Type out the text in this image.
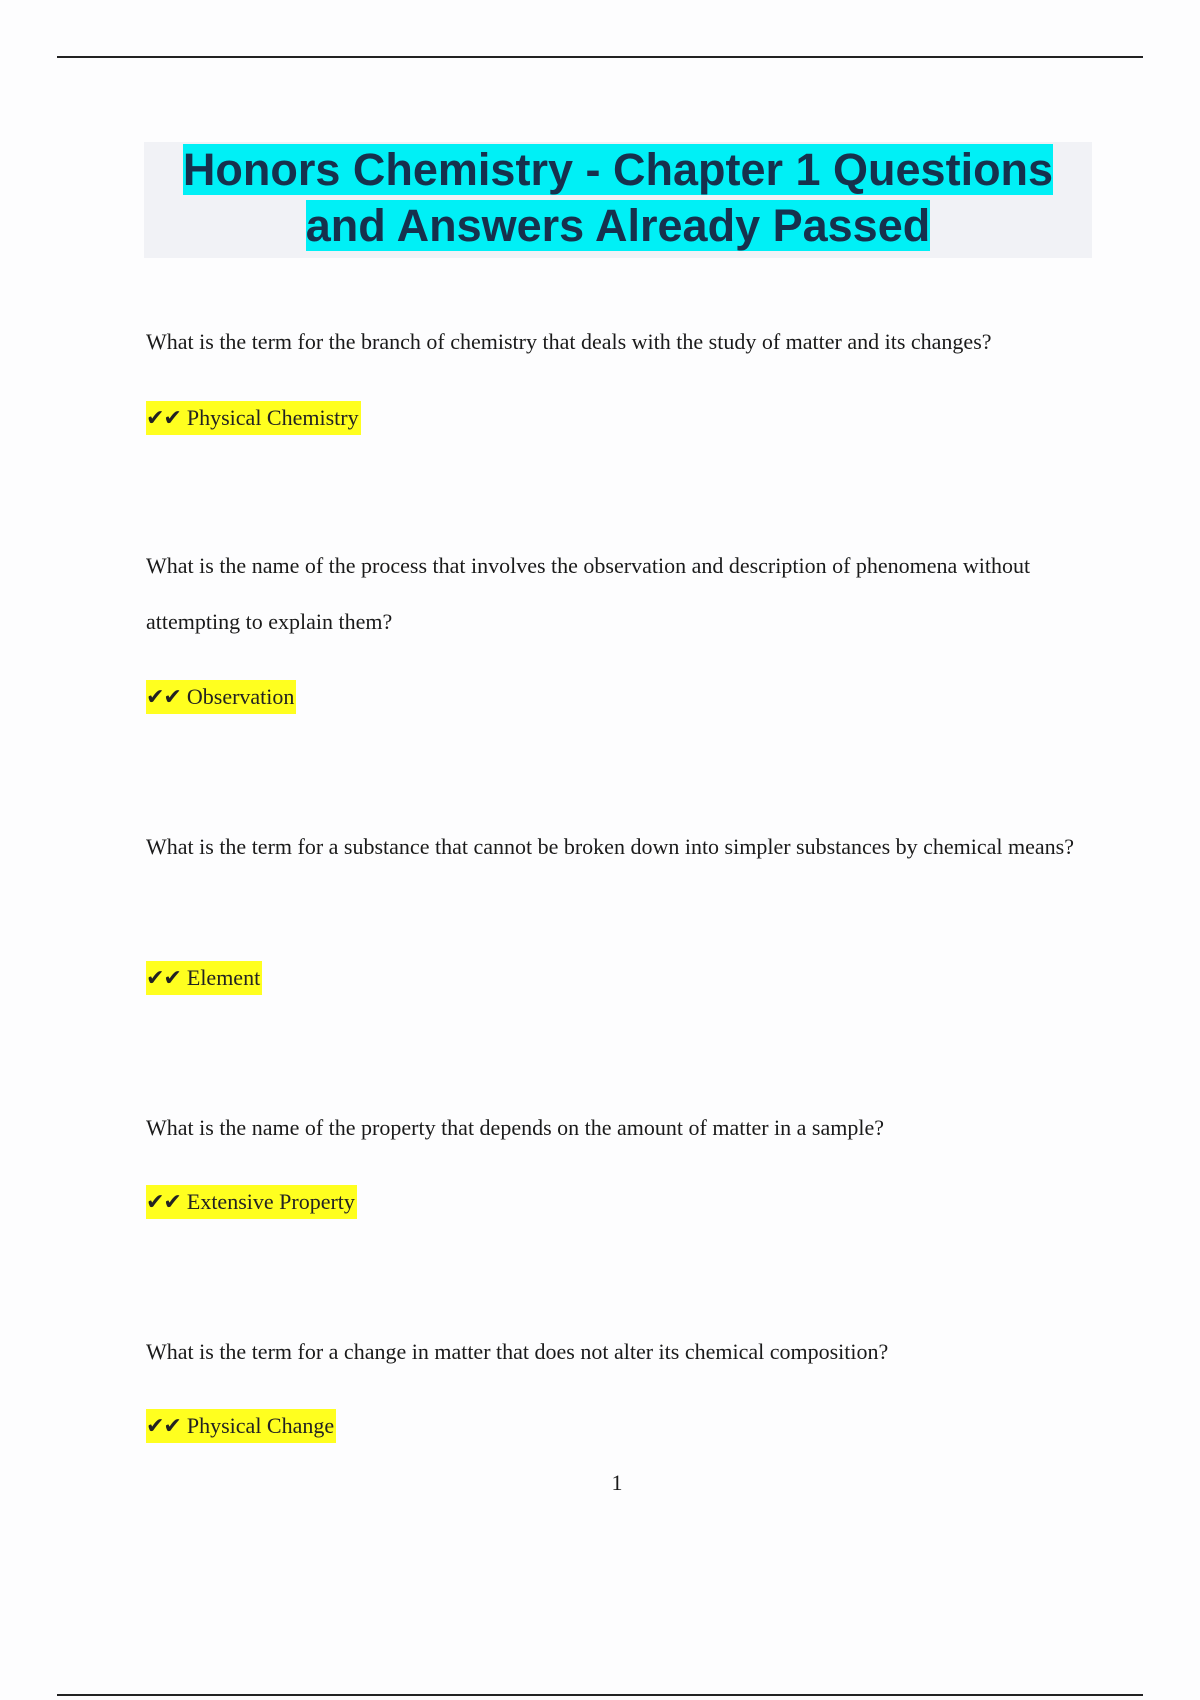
Honors Chemistry - Chapter 1 Questions
and Answers Already Passed
What is the term for the branch of chemistry that deals with the study of matter and its changes?
✔✔ Physical Chemistry
What is the name of the process that involves the observation and description of phenomena without attempting to explain them?
✔✔ Observation
What is the term for a substance that cannot be broken down into simpler substances by chemical means?
✔✔ Element
What is the name of the property that depends on the amount of matter in a sample?
✔✔ Extensive Property
What is the term for a change in matter that does not alter its chemical composition?
✔✔ Physical Change
1
